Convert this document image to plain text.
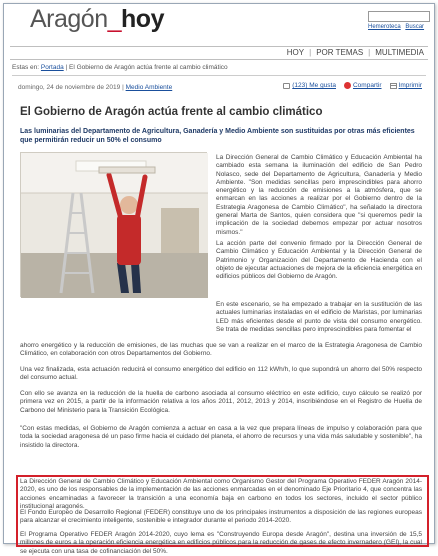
Aragón_hoy	Hemeroteca Buscar
HOY | POR TEMAS | MULTIMEDIA
Estas en: Portada | El Gobierno de Aragón actúa frente al cambio climático
domingo, 24 de noviembre de 2019 | Medio Ambiente	(123) Me gusta	Compartir	Imprimir
El Gobierno de Aragón actúa frente al cambio climático
Las luminarias del Departamento de Agricultura, Ganadería y Medio Ambiente son sustituidas por otras más eficientes que permitirán reducir un 50% el consumo
La Dirección General de Cambio Climático y Educación Ambiental ha cambiado esta semana la iluminación del edificio de San Pedro Nolasco, sede del Departamento de Agricultura, Ganadería y Medio Ambiente. "Son medidas sencillas pero imprescindibles para ahorro energético y la reducción de emisiones a la atmósfera, que se enmarcan en las acciones a realizar por el Gobierno dentro de la Estrategia Aragonesa de Cambio Climático", ha señalado la directora general Marta de Santos, quien considera que "si queremos pedir la implicación de la sociedad debemos empezar por actuar nosotros mismos."
La acción parte del convenio firmado por la Dirección General de Cambio Climático y Educación Ambiental y la Dirección General de Patrimonio y Organización del Departamento de Hacienda con el objeto de ejecutar actuaciones de mejora de la eficiencia energética en edificios públicos del Gobierno de Aragón.
En este escenario, se ha empezado a trabajar en la sustitución de las actuales luminarias instaladas en el edificio de Maristas, por luminarias LED más eficientes desde el punto de vista del consumo energético. Se trata de medidas sencillas pero imprescindibles para fomentar el
ahorro energético y la reducción de emisiones, de las muchas que se van a realizar en el marco de la Estrategia Aragonesa de Cambio Climático, en colaboración con otros Departamentos del Gobierno.
Una vez finalizada, esta actuación reducirá el consumo energético del edificio en 112 kWh/h, lo que supondrá un ahorro del 50% respecto del consumo actual.
Con ello se avanza en la reducción de la huella de carbono asociada al consumo eléctrico en este edificio, cuyo cálculo se realizó por primera vez en 2015, a partir de la información relativa a los años 2011, 2012, 2013 y 2014, inscribiéndose en el Registro de Huella de Carbono del Ministerio para la Transición Ecológica.
"Con estas medidas, el Gobierno de Aragón comienza a actuar en casa a la vez que prepara líneas de impulso y colaboración para que toda la sociedad aragonesa dé un paso firme hacia el cuidado del planeta, el ahorro de recursos y una vida más saludable y sostenible", ha insistido la directora.
La Dirección General de Cambio Climático y Educación Ambiental como Organismo Gestor del Programa Operativo FEDER Aragón 2014-2020, es uno de los responsables de la implementación de las acciones enmarcadas en el denominado Eje Prioritario 4, que concentra las acciones encaminadas a favorecer la transición a una economía baja en carbono en todos los sectores, incluido el sector público institucional aragonés.
El Fondo Europeo de Desarrollo Regional (FEDER) constituye uno de los principales instrumentos a disposición de las regiones europeas para alcanzar el crecimiento inteligente, sostenible e integrador durante el periodo 2014-2020.
El Programa Operativo FEDER Aragón 2014-2020, cuyo lema es "Construyendo Europa desde Aragón", destina una inversión de 15,5 millones de euros a la operación eficiencia energética en edificios públicos para la reducción de gases de efecto invernadero (GEI), la cual se ejecuta con una tasa de cofinanciación del 50%.
